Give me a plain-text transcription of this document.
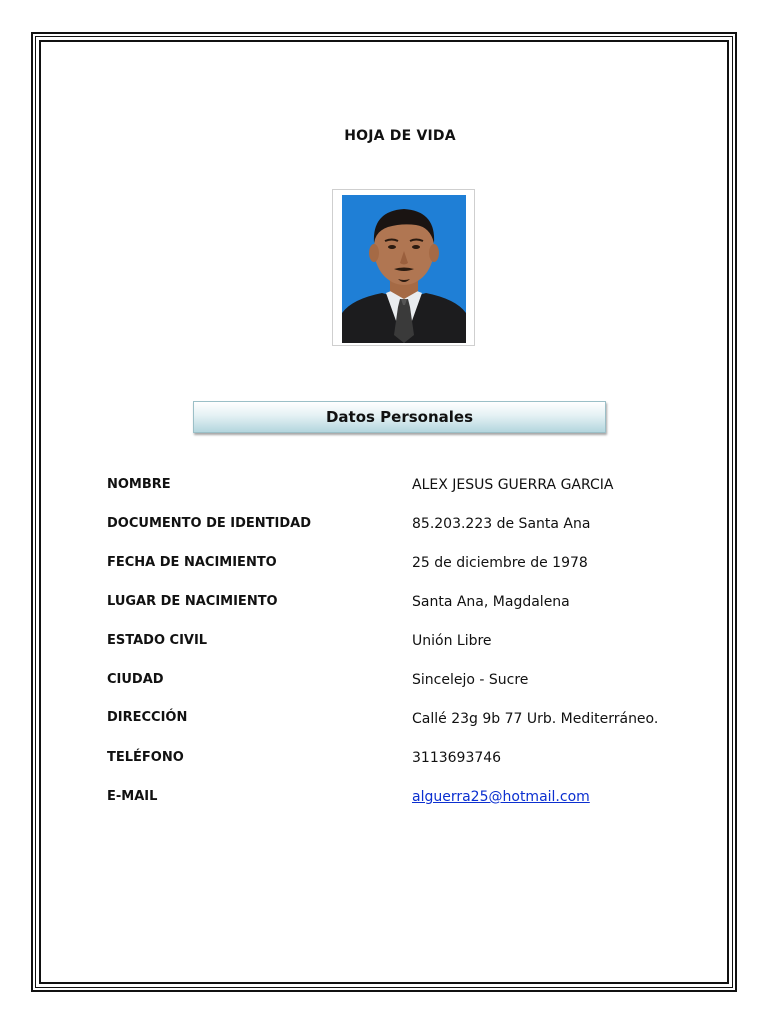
HOJA DE VIDA
Datos Personales
NOMBRE	ALEX JESUS GUERRA GARCIA
DOCUMENTO DE IDENTIDAD	85.203.223 de Santa Ana
FECHA DE NACIMIENTO	25 de diciembre de 1978
LUGAR DE NACIMIENTO	Santa Ana, Magdalena
ESTADO CIVIL	Unión Libre
CIUDAD	Sincelejo - Sucre
DIRECCIÓN	Callé 23g 9b 77 Urb. Mediterráneo.
TELÉFONO	3113693746
E-MAIL	alguerra25@hotmail.com
